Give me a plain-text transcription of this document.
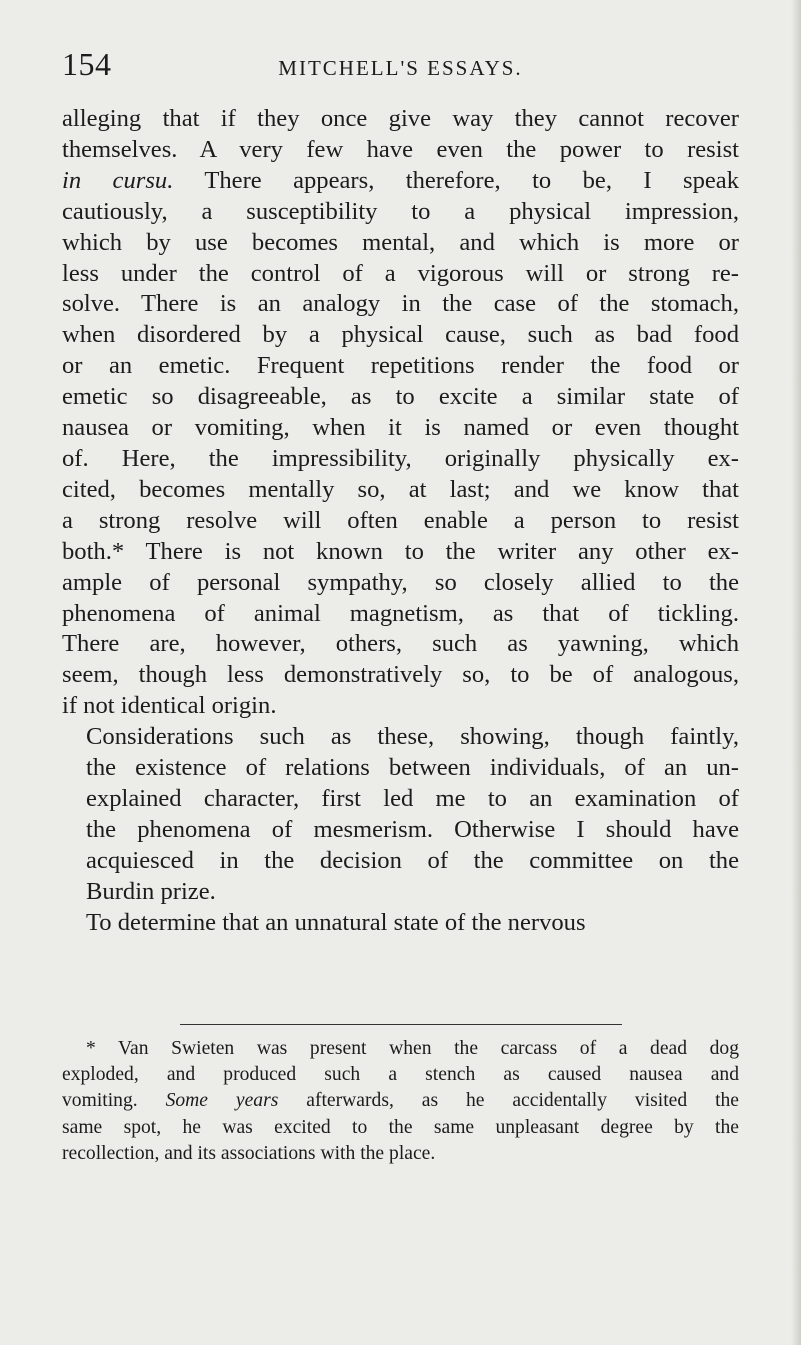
154	MITCHELL'S ESSAYS.
alleging that if they once give way they cannot recover
themselves. A very few have even the power to resist
in cursu. There appears, therefore, to be, I speak
cautiously, a susceptibility to a physical impression,
which by use becomes mental, and which is more or
less under the control of a vigorous will or strong re-
solve. There is an analogy in the case of the stomach,
when disordered by a physical cause, such as bad food
or an emetic. Frequent repetitions render the food or
emetic so disagreeable, as to excite a similar state of
nausea or vomiting, when it is named or even thought
of. Here, the impressibility, originally physically ex-
cited, becomes mentally so, at last; and we know that
a strong resolve will often enable a person to resist
both.* There is not known to the writer any other ex-
ample of personal sympathy, so closely allied to the
phenomena of animal magnetism, as that of tickling.
There are, however, others, such as yawning, which
seem, though less demonstratively so, to be of analogous,
if not identical origin.
Considerations such as these, showing, though faintly,
the existence of relations between individuals, of an un-
explained character, first led me to an examination of
the phenomena of mesmerism. Otherwise I should have
acquiesced in the decision of the committee on the
Burdin prize.
To determine that an unnatural state of the nervous
* Van Swieten was present when the carcass of a dead dog
exploded, and produced such a stench as caused nausea and
vomiting. Some years afterwards, as he accidentally visited the
same spot, he was excited to the same unpleasant degree by the
recollection, and its associations with the place.
